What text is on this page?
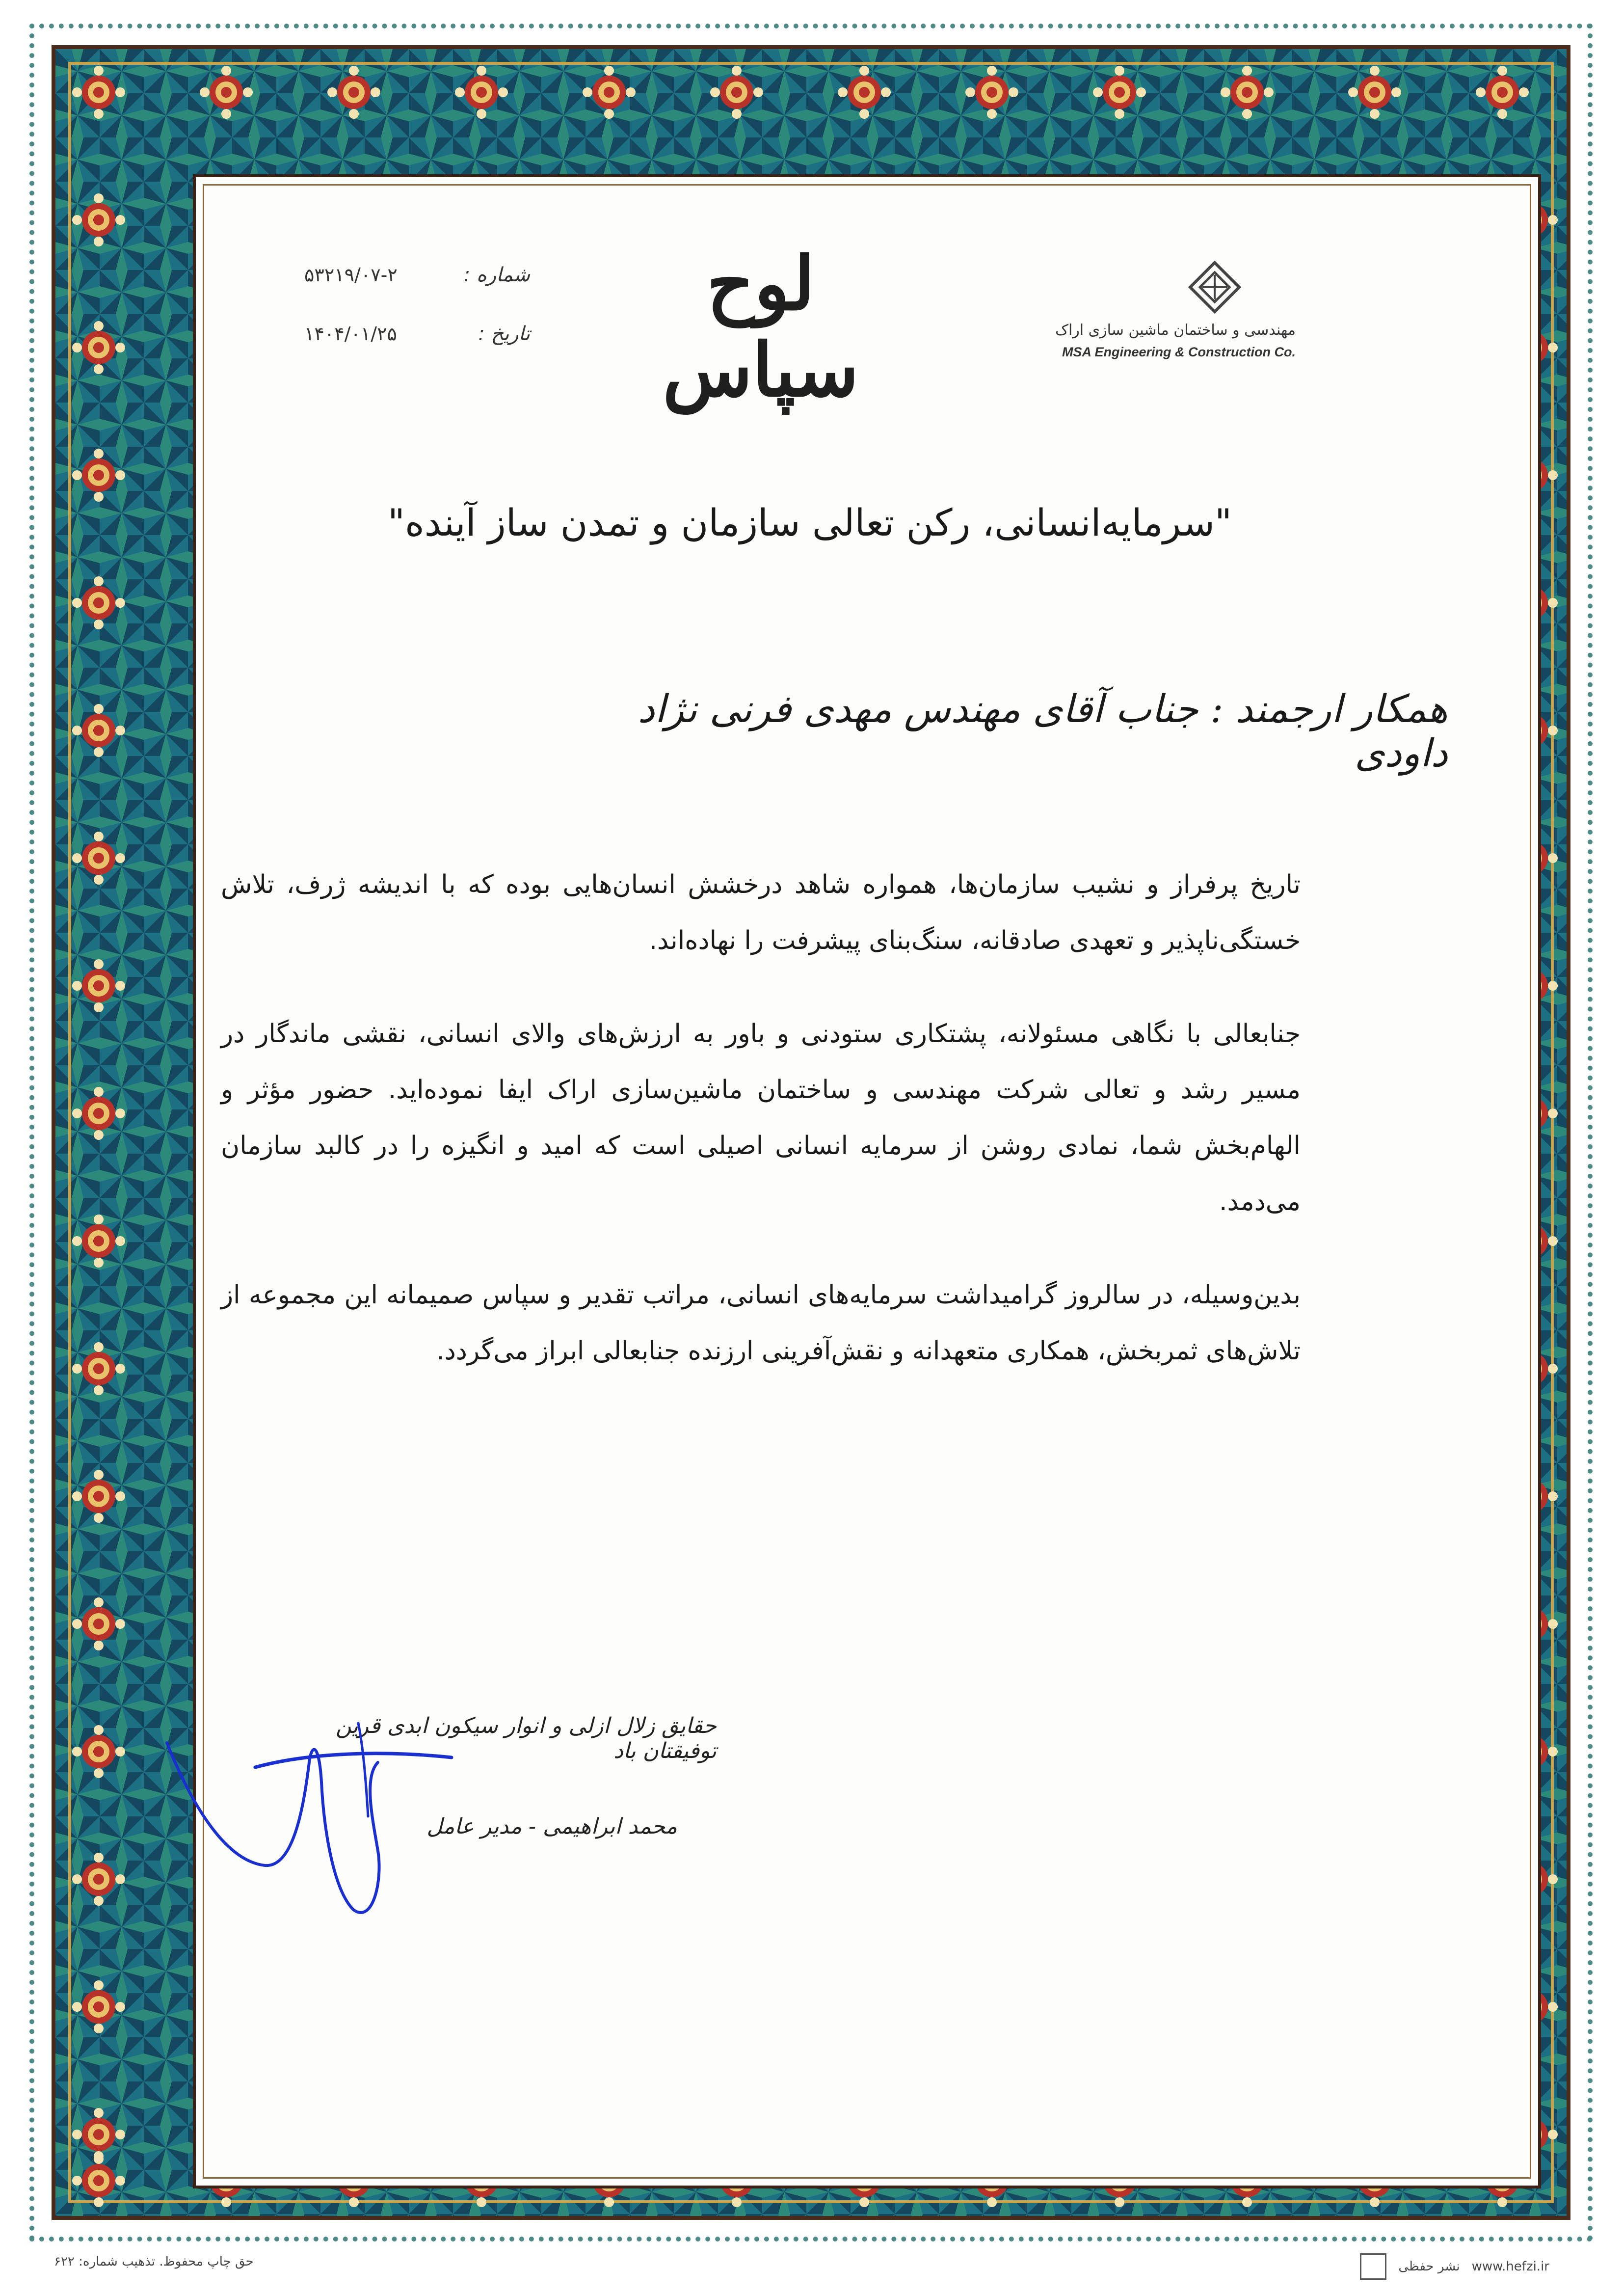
مهندسی و ساختمان ماشین سازی اراک
MSA Engineering & Construction Co.
لوح سپاس
شماره :
۵۳۲۱۹/۰۷-۲
تاریخ :
۱۴۰۴/۰۱/۲۵
"سرمایه‌انسانی، رکن تعالی سازمان و تمدن ساز آینده"
همکار ارجمند : جناب آقای مهندس مهدی فرنی نژاد داودی

تاریخ پرفراز و نشیب سازمان‌ها، همواره شاهد درخشش انسان‌هایی بوده که با اندیشه ژرف، تلاش خستگی‌ناپذیر و تعهدی صادقانه، سنگ‌بنای پیشرفت را نهاده‌اند.

جنابعالی با نگاهی مسئولانه، پشتکاری ستودنی و باور به ارزش‌های والای انسانی، نقشی ماندگار در مسیر رشد و تعالی شرکت مهندسی و ساختمان ماشین‌سازی اراک ایفا نموده‌اید. حضور مؤثر و الهام‌بخش شما، نمادی روشن از سرمایه انسانی اصیلی است که امید و انگیزه را در کالبد سازمان می‌دمد.

بدین‌وسیله، در سالروز گرامیداشت سرمایه‌های انسانی، مراتب تقدیر و سپاس صمیمانه این مجموعه از تلاش‌های ثمربخش، همکاری متعهدانه و نقش‌آفرینی ارزنده جنابعالی ابراز می‌گردد.

حقایق زلال ازلی و انوار سیکون ابدی قرین توفیقتان باد
محمد ابراهیمی - مدیر عامل
حق چاپ محفوظ. تذهیب شماره: ۶۲۲	www.hefzi.ir
نشر حفظی
